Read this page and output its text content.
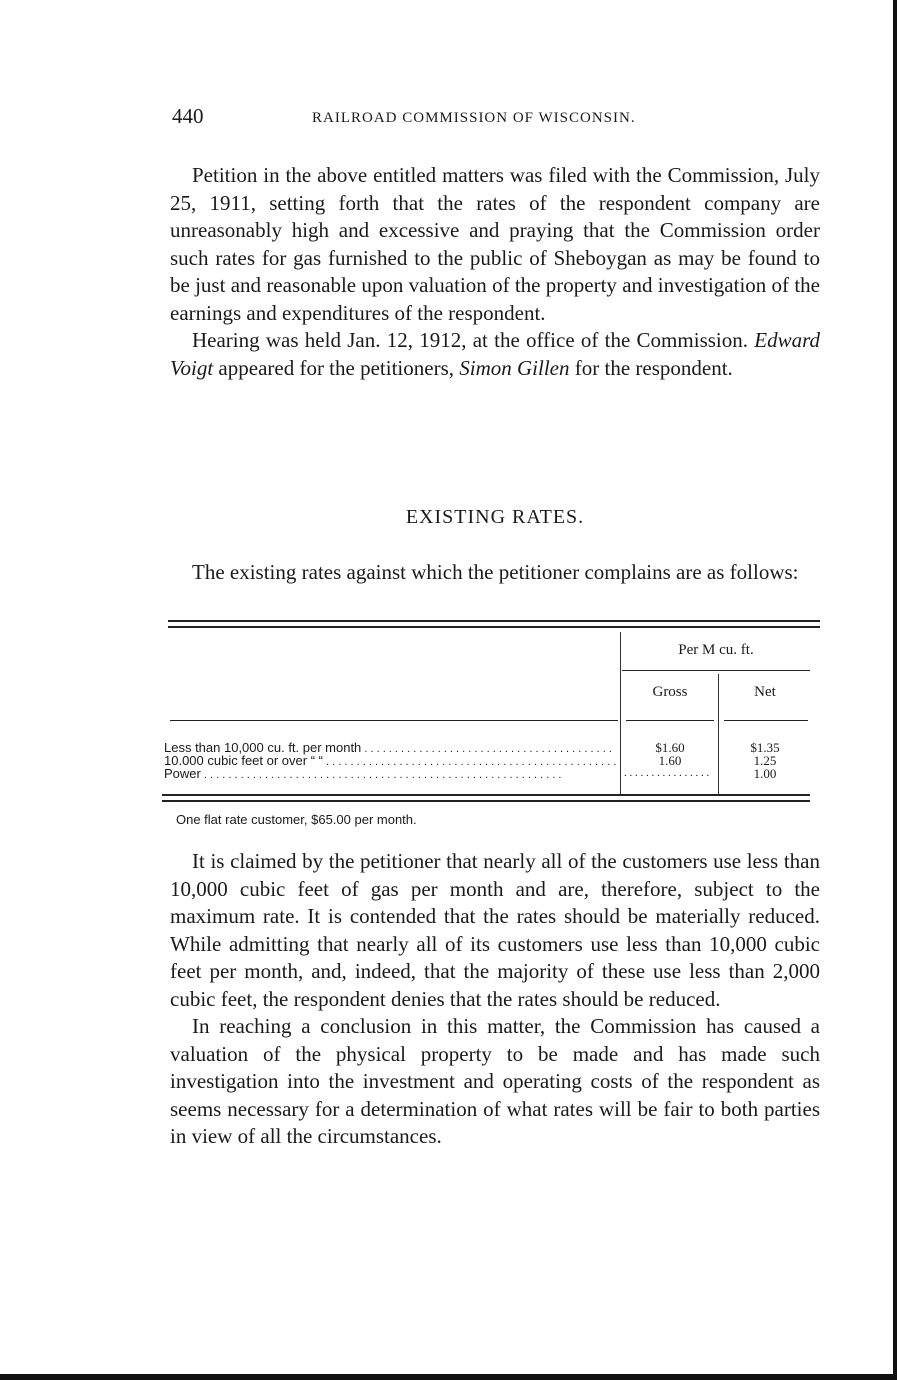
440	RAILROAD COMMISSION OF WISCONSIN.

Petition in the above entitled matters was filed with the Commission, July 25, 1911, setting forth that the rates of the respondent company are unreasonably high and excessive and praying that the Commission order such rates for gas furnished to the public of Sheboygan as may be found to be just and reasonable upon valuation of the property and investigation of the earnings and expenditures of the respondent.

Hearing was held Jan. 12, 1912, at the office of the Commission. Edward Voigt appeared for the petitioners, Simon Gillen for the respondent.

EXISTING RATES.

The existing rates against which the petitioner complains are as follows:

Per M cu. ft.
Gross	Net
Less than 10,000 cu. ft. per month . . .	$1.60	$1.35
10.000 cubic feet or over “ “ . . .	1.60	1.25
Power . . .	. . . . . . . . . . . . . . . .	1.00
One flat rate customer, $65.00 per month.

It is claimed by the petitioner that nearly all of the customers use less than 10,000 cubic feet of gas per month and are, therefore, subject to the maximum rate. It is contended that the rates should be materially reduced. While admitting that nearly all of its customers use less than 10,000 cubic feet per month, and, indeed, that the majority of these use less than 2,000 cubic feet, the respondent denies that the rates should be reduced.

In reaching a conclusion in this matter, the Commission has caused a valuation of the physical property to be made and has made such investigation into the investment and operating costs of the respondent as seems necessary for a determination of what rates will be fair to both parties in view of all the circumstances.
